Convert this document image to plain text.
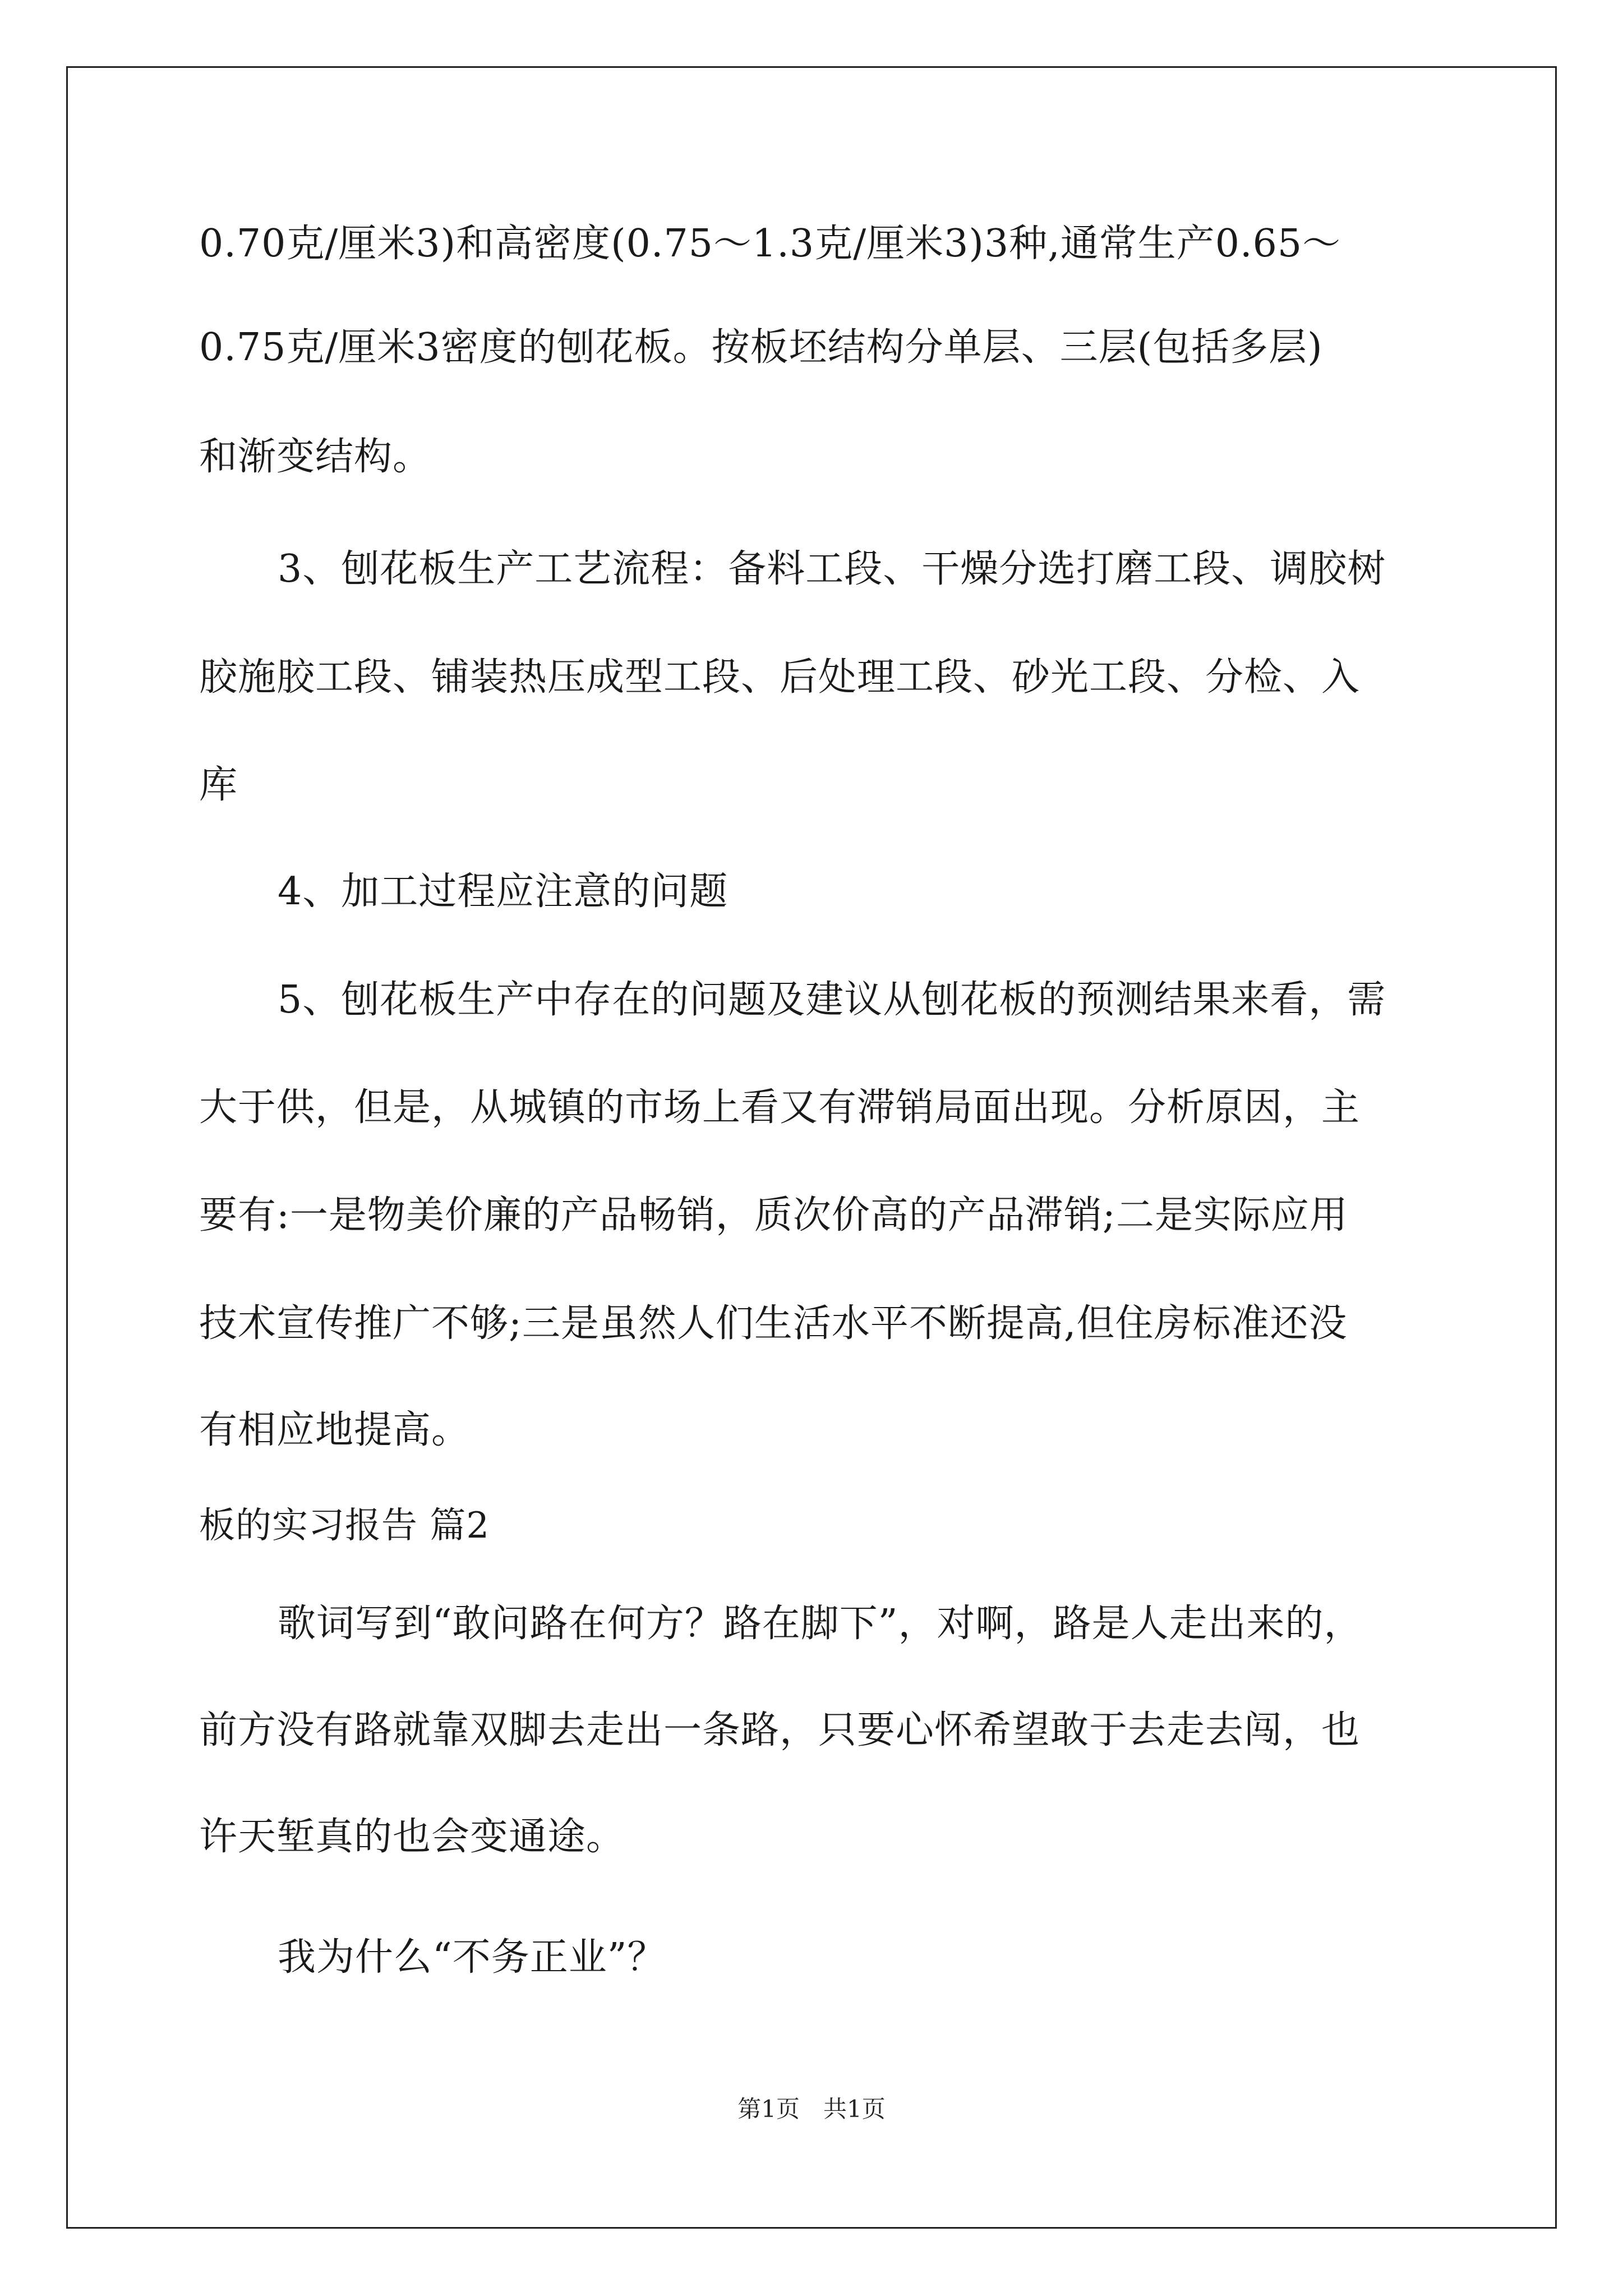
0.70克/厘米3)和高密度(0.75～1.3克/厘米3)3种,通常生产0.65～
0.75克/厘米3密度的刨花板。按板坯结构分单层、三层(包括多层)
和渐变结构。
3、刨花板生产工艺流程：备料工段、干燥分选打磨工段、调胶树
胶施胶工段、铺装热压成型工段、后处理工段、砂光工段、分检、入
库
4、加工过程应注意的问题
5、刨花板生产中存在的问题及建议从刨花板的预测结果来看，需
大于供，但是，从城镇的市场上看又有滞销局面出现。分析原因，主
要有:一是物美价廉的产品畅销，质次价高的产品滞销;二是实际应用
技术宣传推广不够;三是虽然人们生活水平不断提高,但住房标准还没
有相应地提高。
板的实习报告 篇2
歌词写到“敢问路在何方？路在脚下”，对啊，路是人走出来的，
前方没有路就靠双脚去走出一条路，只要心怀希望敢于去走去闯，也
许天堑真的也会变通途。
我为什么“不务正业”？
第1页　共1页
